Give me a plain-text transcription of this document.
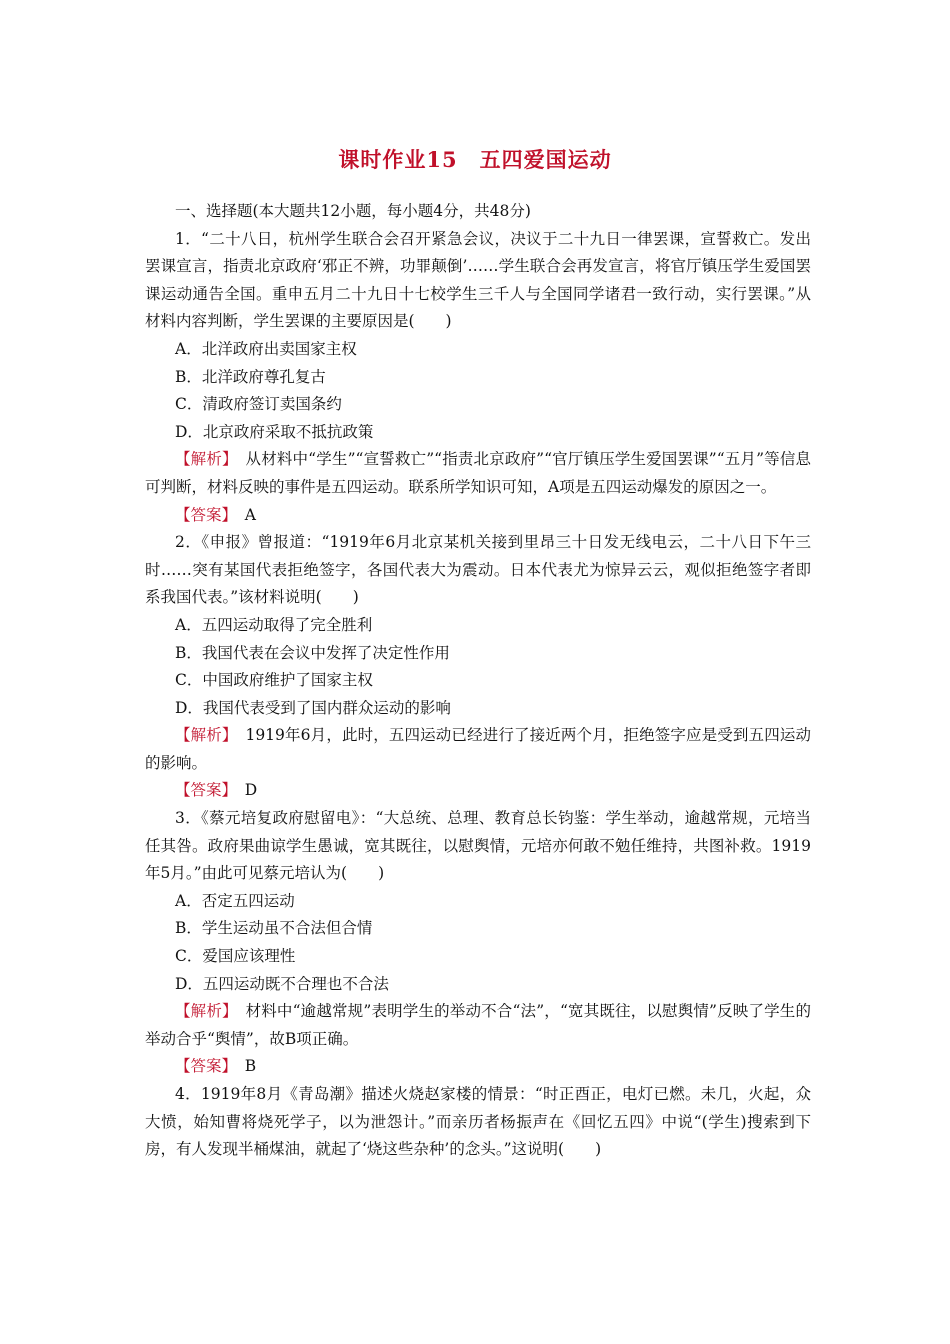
课时作业15　五四爱国运动

一、选择题(本大题共12小题，每小题4分，共48分)

1．“二十八日，杭州学生联合会召开紧急会议，决议于二十九日一律罢课，宣誓救亡。发出罢课宣言，指责北京政府‘邪正不辨，功罪颠倒’……学生联合会再发宣言，将官厅镇压学生爱国罢课运动通告全国。重申五月二十九日十七校学生三千人与全国同学诸君一致行动，实行罢课。”从材料内容判断，学生罢课的主要原因是(　　)

A．北洋政府出卖国家主权

B．北洋政府尊孔复古

C．清政府签订卖国条约

D．北京政府采取不抵抗政策

【解析】　从材料中“学生”“宣誓救亡”“指责北京政府”“官厅镇压学生爱国罢课”“五月”等信息可判断，材料反映的事件是五四运动。联系所学知识可知，A项是五四运动爆发的原因之一。

【答案】　A

2．《申报》曾报道：“1919年6月北京某机关接到里昂三十日发无线电云，二十八日下午三时……突有某国代表拒绝签字，各国代表大为震动。日本代表尤为惊异云云，观似拒绝签字者即系我国代表。”该材料说明(　　)

A．五四运动取得了完全胜利

B．我国代表在会议中发挥了决定性作用

C．中国政府维护了国家主权

D．我国代表受到了国内群众运动的影响

【解析】　1919年6月，此时，五四运动已经进行了接近两个月，拒绝签字应是受到五四运动的影响。

【答案】　D

3．《蔡元培复政府慰留电》：“大总统、总理、教育总长钧鉴：学生举动，逾越常规，元培当任其咎。政府果曲谅学生愚诚，宽其既往，以慰舆情，元培亦何敢不勉任维持，共图补救。1919年5月。”由此可见蔡元培认为(　　)

A．否定五四运动

B．学生运动虽不合法但合情

C．爱国应该理性

D．五四运动既不合理也不合法

【解析】　材料中“逾越常规”表明学生的举动不合“法”，“宽其既往，以慰舆情”反映了学生的举动合乎“舆情”，故B项正确。

【答案】　B

4．1919年8月《青岛潮》描述火烧赵家楼的情景：“时正酉正，电灯已燃。未几，火起，众大愤，始知曹将烧死学子，以为泄怨计。”而亲历者杨振声在《回忆五四》中说“(学生)搜索到下房，有人发现半桶煤油，就起了‘烧这些杂种’的念头。”这说明(　　)
